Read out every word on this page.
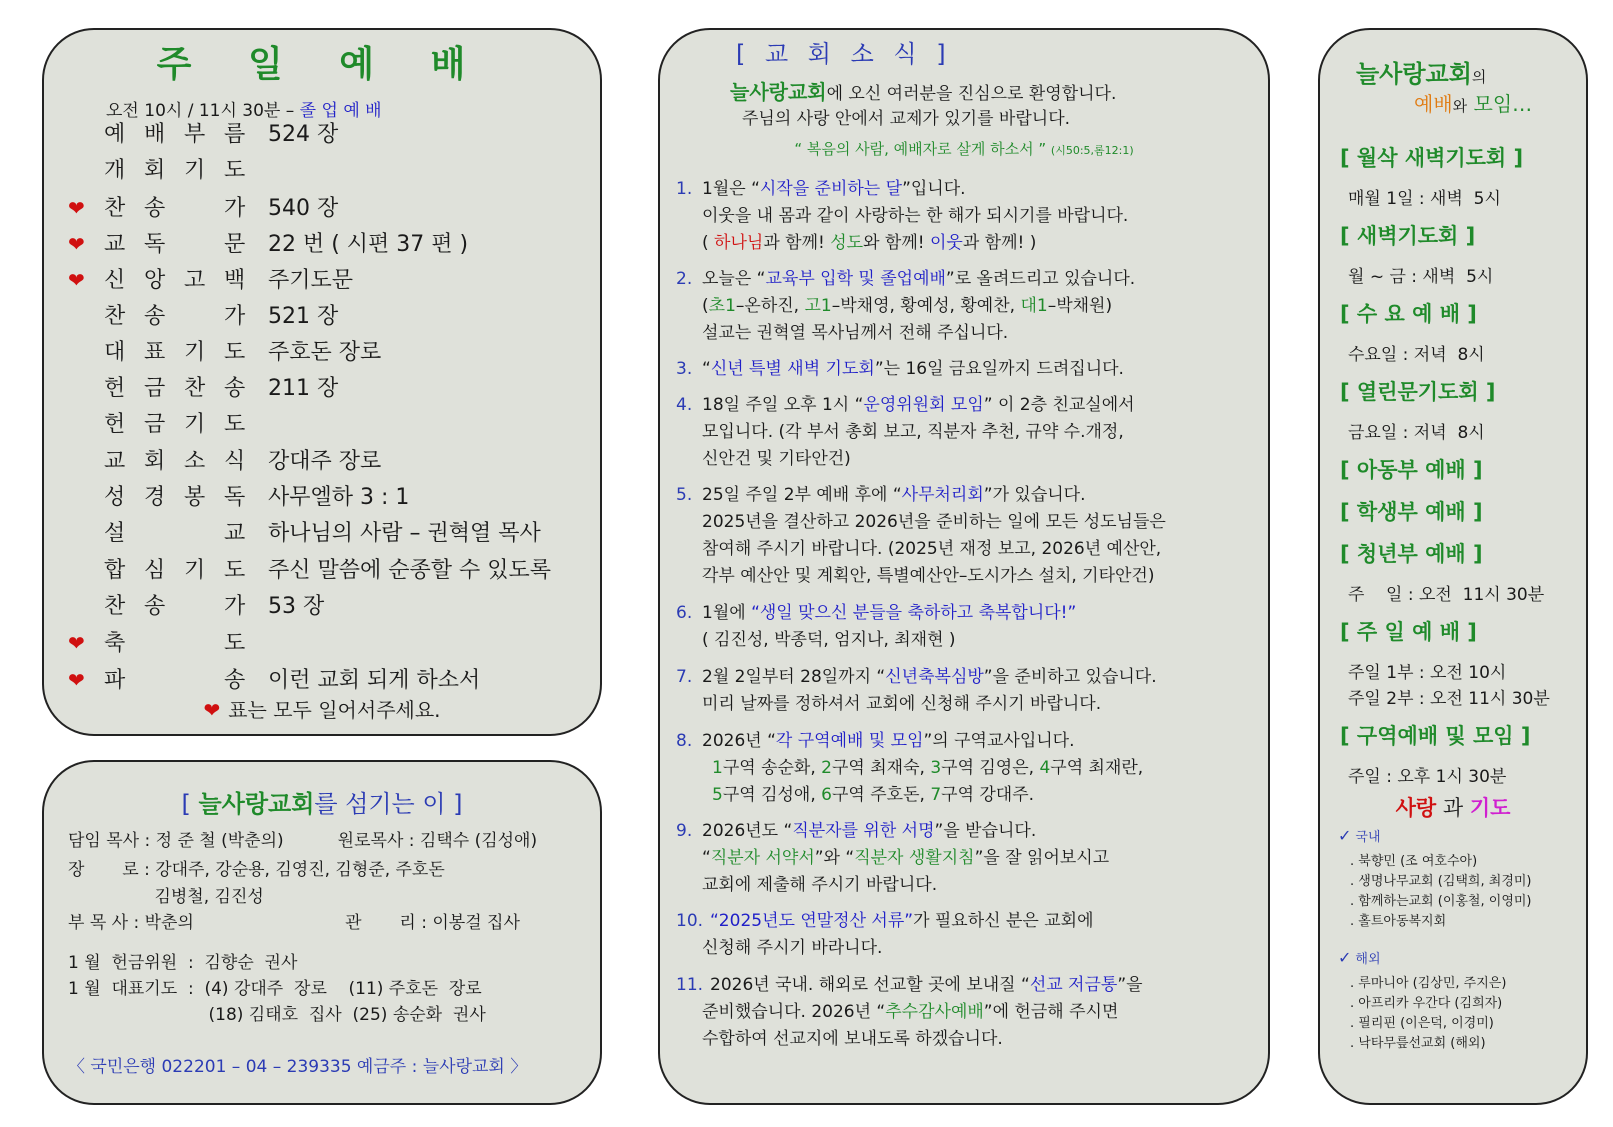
주 일 예 배
오전 10시 / 11시 30분 – 졸 업 예 배
예 배 부 름 524 장
개 회 기 도
❤ 찬 송	가 540 장
❤ 교 독	문 22 번 ( 시편 37 편 )
❤ 신 앙 고 백 주기도문
찬 송	가 521 장
대 표 기 도 주호돈 장로
헌 금 찬 송 211 장
헌 금 기 도
교 회 소 식 강대주 장로
성 경 봉 독 사무엘하 3 : 1
설	교 하나님의 사람 – 권혁열 목사
합 심 기 도 주신 말씀에 순종할 수 있도록
찬 송	가 53 장
❤ 축	도
❤ 파	송 이런 교회 되게 하소서
❤ 표는 모두 일어서주세요.
[ 늘사랑교회를 섬기는 이 ]
담임 목사 : 정 준 철 (박춘의)          원로목사 : 김택수 (김성애)
장       로 : 강대주, 강순용, 김영진, 김형준, 주호돈
김병철, 김진성
부 목 사 : 박춘의                            관       리 : 이봉걸 집사
1 월  헌금위원  :  김향순  권사
1 월  대표기도  :  (4) 강대주  장로    (11) 주호돈  장로
(18) 김태호  집사  (25) 송순화  권사
〈 국민은행 022201 – 04 – 239335 예금주 : 늘사랑교회 〉
[ 교 회 소 식 ]
늘사랑교회에 오신 여러분을 진심으로 환영합니다.
주님의 사랑 안에서 교제가 있기를 바랍니다.
“ 복음의 사람, 예배자로 살게 하소서 ” (시50:5,롬12:1)
1. 1월은 “시작을 준비하는 달”입니다.
이웃을 내 몸과 같이 사랑하는 한 해가 되시기를 바랍니다.
( 하나님과 함께! 성도와 함께! 이웃과 함께! )
2. 오늘은 “교육부 입학 및 졸업예배”로 올려드리고 있습니다.
(초1–온하진, 고1–박채영, 황예성, 황예찬, 대1–박채원)
설교는 권혁열 목사님께서 전해 주십니다.
3. “신년 특별 새벽 기도회”는 16일 금요일까지 드려집니다.
4. 18일 주일 오후 1시 “운영위원회 모임” 이 2층 친교실에서
모입니다. (각 부서 총회 보고, 직분자 추천, 규약 수.개정,
신안건 및 기타안건)
5. 25일 주일 2부 예배 후에 “사무처리회”가 있습니다.
2025년을 결산하고 2026년을 준비하는 일에 모든 성도님들은
참여해 주시기 바랍니다. (2025년 재정 보고, 2026년 예산안,
각부 예산안 및 계획안, 특별예산안–도시가스 설치, 기타안건)
6. 1월에 “생일 맞으신 분들을 축하하고 축복합니다!”
( 김진성, 박종덕, 엄지나, 최재현 )
7. 2월 2일부터 28일까지 “신년축복심방”을 준비하고 있습니다.
미리 날짜를 정하셔서 교회에 신청해 주시기 바랍니다.
8. 2026년 “각 구역예배 및 모임”의 구역교사입니다.
1구역 송순화, 2구역 최재숙, 3구역 김영은, 4구역 최재란,
5구역 김성애, 6구역 주호돈, 7구역 강대주.
9. 2026년도 “직분자를 위한 서명”을 받습니다.
“직분자 서약서”와 “직분자 생활지침”을 잘 읽어보시고
교회에 제출해 주시기 바랍니다.
10. “2025년도 연말정산 서류”가 필요하신 분은 교회에
신청해 주시기 바라니다.
11. 2026년 국내. 해외로 선교할 곳에 보내질 “선교 저금통”을
준비했습니다. 2026년 “추수감사예배”에 헌금해 주시면
수합하여 선교지에 보내도록 하겠습니다.
늘사랑교회의
예배와 모임…
[ 월삭 새벽기도회 ]
매월 1일 : 새벽  5시
[ 새벽기도회 ]
월 ~ 금 : 새벽  5시
[ 수 요 예 배 ]
수요일 : 저녁  8시
[ 열린문기도회 ]
금요일 : 저녁  8시
[ 아동부 예배 ]
[ 학생부 예배 ]
[ 청년부 예배 ]
주    일 : 오전  11시 30분
[ 주 일 예 배 ]
주일 1부 : 오전 10시
주일 2부 : 오전 11시 30분
[ 구역예배 및 모임 ]
주일 : 오후 1시 30분
사랑 과 기도
✓ 국내
. 북향민 (조 여호수아)
. 생명나무교회 (김택희, 최경미)
. 함께하는교회 (이홍철, 이영미)
. 홀트아동복지회
✓ 해외
. 루마니아 (김상민, 주지은)
. 아프리카 우간다 (김희자)
. 필리핀 (이은덕, 이경미)
. 낙타무릎선교회 (해외)
